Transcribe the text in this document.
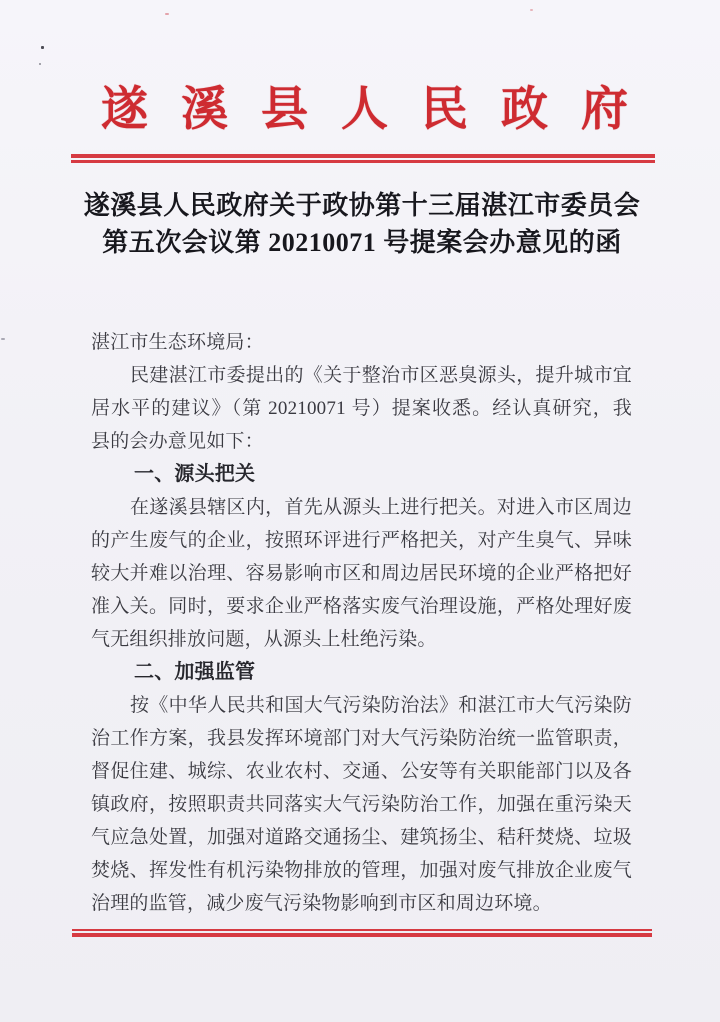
遂溪县人民政府
遂溪县人民政府关于政协第十三届湛江市委员会
第五次会议第 20210071 号提案会办意见的函
湛江市生态环境局：
民建湛江市委提出的《关于整治市区恶臭源头，提升城市宜
居水平的建议》（第 20210071 号）提案收悉。经认真研究，我
县的会办意见如下：
一、源头把关
在遂溪县辖区内，首先从源头上进行把关。对进入市区周边
的产生废气的企业，按照环评进行严格把关，对产生臭气、异味
较大并难以治理、容易影响市区和周边居民环境的企业严格把好
准入关。同时，要求企业严格落实废气治理设施，严格处理好废
气无组织排放问题，从源头上杜绝污染。
二、加强监管
按《中华人民共和国大气污染防治法》和湛江市大气污染防
治工作方案，我县发挥环境部门对大气污染防治统一监管职责，
督促住建、城综、农业农村、交通、公安等有关职能部门以及各
镇政府，按照职责共同落实大气污染防治工作，加强在重污染天
气应急处置，加强对道路交通扬尘、建筑扬尘、秸秆焚烧、垃圾
焚烧、挥发性有机污染物排放的管理，加强对废气排放企业废气
治理的监管，减少废气污染物影响到市区和周边环境。
